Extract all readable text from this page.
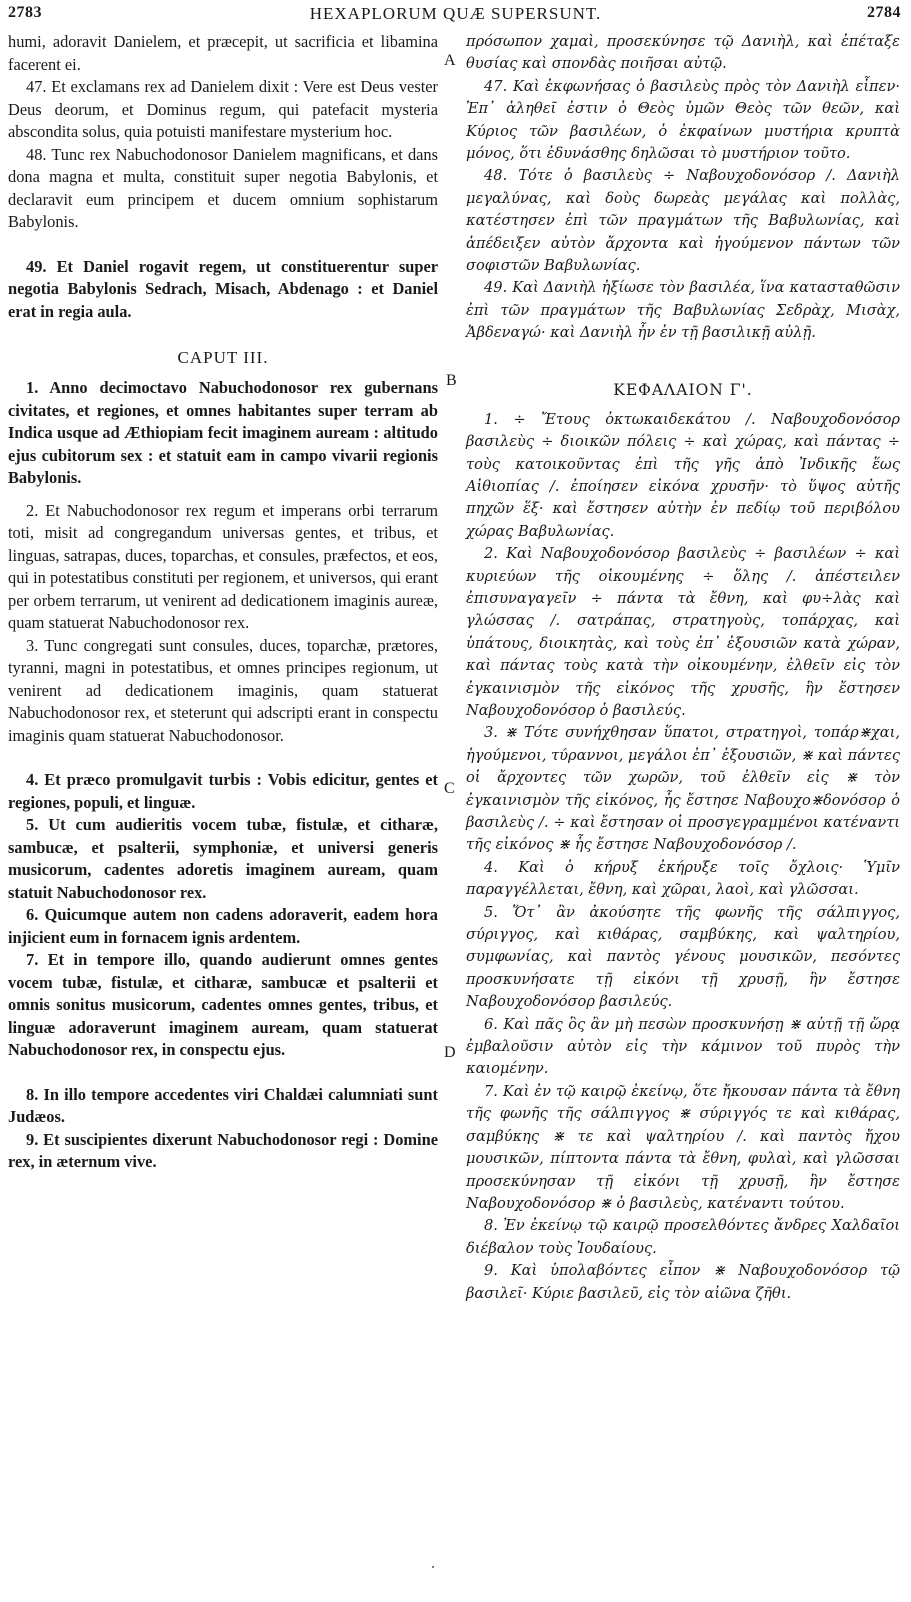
2783	HEXAPLORUM QUÆ SUPERSUNT.	2784
A
B
C
D

humi, adoravit Danielem, et præcepit, ut sacrificia et libamina facerent ei.

47. Et exclamans rex ad Danielem dixit : Vere est Deus vester Deus deorum, et Dominus regum, qui patefacit mysteria abscondita solus, quia potuisti manifestare mysterium hoc.

48. Tunc rex Nabuchodonosor Danielem magnificans, et dans dona magna et multa, constituit super negotia Babylonis, et declaravit eum principem et ducem omnium sophistarum Babylonis.

49. Et Daniel rogavit regem, ut constituerentur super negotia Babylonis Sedrach, Misach, Abdenago : et Daniel erat in regia aula.

CAPUT III.

1. Anno decimoctavo Nabuchodonosor rex gubernans civitates, et regiones, et omnes habitantes super terram ab Indica usque ad Æthiopiam fecit imaginem auream : altitudo ejus cubitorum sex : et statuit eam in campo vivarii regionis Babylonis.

2. Et Nabuchodonosor rex regum et imperans orbi terrarum toti, misit ad congregandum universas gentes, et tribus, et linguas, satrapas, duces, toparchas, et consules, præfectos, et eos, qui in potestatibus constituti per regionem, et universos, qui erant per orbem terrarum, ut venirent ad dedicationem imaginis aureæ, quam statuerat Nabuchodonosor rex.

3. Tunc congregati sunt consules, duces, toparchæ, prætores, tyranni, magni in potestatibus, et omnes principes regionum, ut venirent ad dedicationem imaginis, quam statuerat Nabuchodonosor rex, et steterunt qui adscripti erant in conspectu imaginis quam statuerat Nabuchodonosor.

4. Et præco promulgavit turbis : Vobis edicitur, gentes et regiones, populi, et linguæ.

5. Ut cum audieritis vocem tubæ, fistulæ, et citharæ, sambucæ, et psalterii, symphoniæ, et universi generis musicorum, cadentes adoretis imaginem auream, quam statuit Nabuchodonosor rex.

6. Quicumque autem non cadens adoraverit, eadem hora injicient eum in fornacem ignis ardentem.

7. Et in tempore illo, quando audierunt omnes gentes vocem tubæ, fistulæ, et citharæ, sambucæ et psalterii et omnis sonitus musicorum, cadentes omnes gentes, tribus, et linguæ adoraverunt imaginem auream, quam statuerat Nabuchodonosor rex, in conspectu ejus.

8. In illo tempore accedentes viri Chaldæi calumniati sunt Judæos.

9. Et suscipientes dixerunt Nabuchodonosor regi : Domine rex, in æternum vive.

πρόσωπον χαμαὶ, προσεκύνησε τῷ Δανιὴλ, καὶ ἐπέταξε θυσίας καὶ σπονδὰς ποιῆσαι αὐτῷ.

47. Καὶ ἐκφωνήσας ὁ βασιλεὺς πρὸς τὸν Δανιὴλ εἶπεν· Ἐπ᾽ ἀληθεῖ ἐστιν ὁ Θεὸς ὑμῶν Θεὸς τῶν θεῶν, καὶ Κύριος τῶν βασιλέων, ὁ ἐκφαίνων μυστήρια κρυπτὰ μόνος, ὅτι ἐδυνάσθης δηλῶσαι τὸ μυστήριον τοῦτο.

48. Τότε ὁ βασιλεὺς ÷ Ναβουχοδονόσορ /. Δανιὴλ μεγαλύνας, καὶ δοὺς δωρεὰς μεγάλας καὶ πολλὰς, κατέστησεν ἐπὶ τῶν πραγμάτων τῆς Βαβυλωνίας, καὶ ἀπέδειξεν αὐτὸν ἄρχοντα καὶ ἡγούμενον πάντων τῶν σοφιστῶν Βαβυλωνίας.

49. Καὶ Δανιὴλ ἠξίωσε τὸν βασιλέα, ἵνα κατασταθῶσιν ἐπὶ τῶν πραγμάτων τῆς Βαβυλωνίας Σεδρὰχ, Μισὰχ, Ἀβδεναγώ· καὶ Δανιὴλ ἦν ἐν τῇ βασιλικῇ αὐλῇ.

ΚΕΦΑΛΑΙΟΝ Γ'.

1. ÷ Ἔτους ὀκτωκαιδεκάτου /. Ναβουχοδονόσορ βασιλεὺς ÷ διοικῶν πόλεις ÷ καὶ χώρας, καὶ πάντας ÷ τοὺς κατοικοῦντας ἐπὶ τῆς γῆς ἀπὸ Ἰνδικῆς ἕως Αἰθιοπίας /. ἐποίησεν εἰκόνα χρυσῆν· τὸ ὕψος αὐτῆς πηχῶν ἕξ· καὶ ἔστησεν αὐτὴν ἐν πεδίῳ τοῦ περιβόλου χώρας Βαβυλωνίας.

2. Καὶ Ναβουχοδονόσορ βασιλεὺς ÷ βασιλέων ÷ καὶ κυριεύων τῆς οἰκουμένης ÷ ὅλης /. ἀπέστειλεν ἐπισυναγαγεῖν ÷ πάντα τὰ ἔθνη, καὶ φυ÷λὰς καὶ γλώσσας /. σατράπας, στρατηγοὺς, τοπάρχας, καὶ ὑπάτους, διοικητὰς, καὶ τοὺς ἐπ᾽ ἐξουσιῶν κατὰ χώραν, καὶ πάντας τοὺς κατὰ τὴν οἰκουμένην, ἐλθεῖν εἰς τὸν ἐγκαινισμὸν τῆς εἰκόνος τῆς χρυσῆς, ἣν ἔστησεν Ναβουχοδονόσορ ὁ βασιλεύς.

3. ⋇ Τότε συνήχθησαν ὕπατοι, στρατηγοὶ, τοπάρ⋇χαι, ἡγούμενοι, τύραννοι, μεγάλοι ἐπ᾽ ἐξουσιῶν, ⋇ καὶ πάντες οἱ ἄρχοντες τῶν χωρῶν, τοῦ ἐλθεῖν εἰς ⋇ τὸν ἐγκαινισμὸν τῆς εἰκόνος, ἧς ἔστησε Ναβουχο⋇δονόσορ ὁ βασιλεὺς /. ÷ καὶ ἔστησαν οἱ προσγεγραμμένοι κατέναντι τῆς εἰκόνος ⋇ ἧς ἔστησε Ναβουχοδονόσορ /.

4. Καὶ ὁ κήρυξ ἐκήρυξε τοῖς ὄχλοις· Ὑμῖν παραγγέλλεται, ἔθνη, καὶ χῶραι, λαοὶ, καὶ γλῶσσαι.

5. Ὅτ᾽ ἂν ἀκούσητε τῆς φωνῆς τῆς σάλπιγγος, σύριγγος, καὶ κιθάρας, σαμβύκης, καὶ ψαλτηρίου, συμφωνίας, καὶ παντὸς γένους μουσικῶν, πεσόντες προσκυνήσατε τῇ εἰκόνι τῇ χρυσῇ, ἣν ἔστησε Ναβουχοδονόσορ βασιλεύς.

6. Καὶ πᾶς ὃς ἂν μὴ πεσὼν προσκυνήσῃ ⋇ αὐτῇ τῇ ὥρᾳ ἐμβαλοῦσιν αὐτὸν εἰς τὴν κάμινον τοῦ πυρὸς τὴν καιομένην.

7. Καὶ ἐν τῷ καιρῷ ἐκείνῳ, ὅτε ἤκουσαν πάντα τὰ ἔθνη τῆς φωνῆς τῆς σάλπιγγος ⋇ σύριγγός τε καὶ κιθάρας, σαμβύκης ⋇ τε καὶ ψαλτηρίου /. καὶ παντὸς ἤχου μουσικῶν, πίπτοντα πάντα τὰ ἔθνη, φυλαὶ, καὶ γλῶσσαι προσεκύνησαν τῇ εἰκόνι τῇ χρυσῇ, ἣν ἔστησε Ναβουχοδονόσορ ⋇ ὁ βασιλεὺς, κατέναντι τούτου.

8. Ἐν ἐκείνῳ τῷ καιρῷ προσελθόντες ἄνδρες Χαλδαῖοι διέβαλον τοὺς Ἰουδαίους.

9. Καὶ ὑπολαβόντες εἶπον ⋇ Ναβουχοδονόσορ τῷ βασιλεῖ· Κύριε βασιλεῦ, εἰς τὸν αἰῶνα ζῆθι.
